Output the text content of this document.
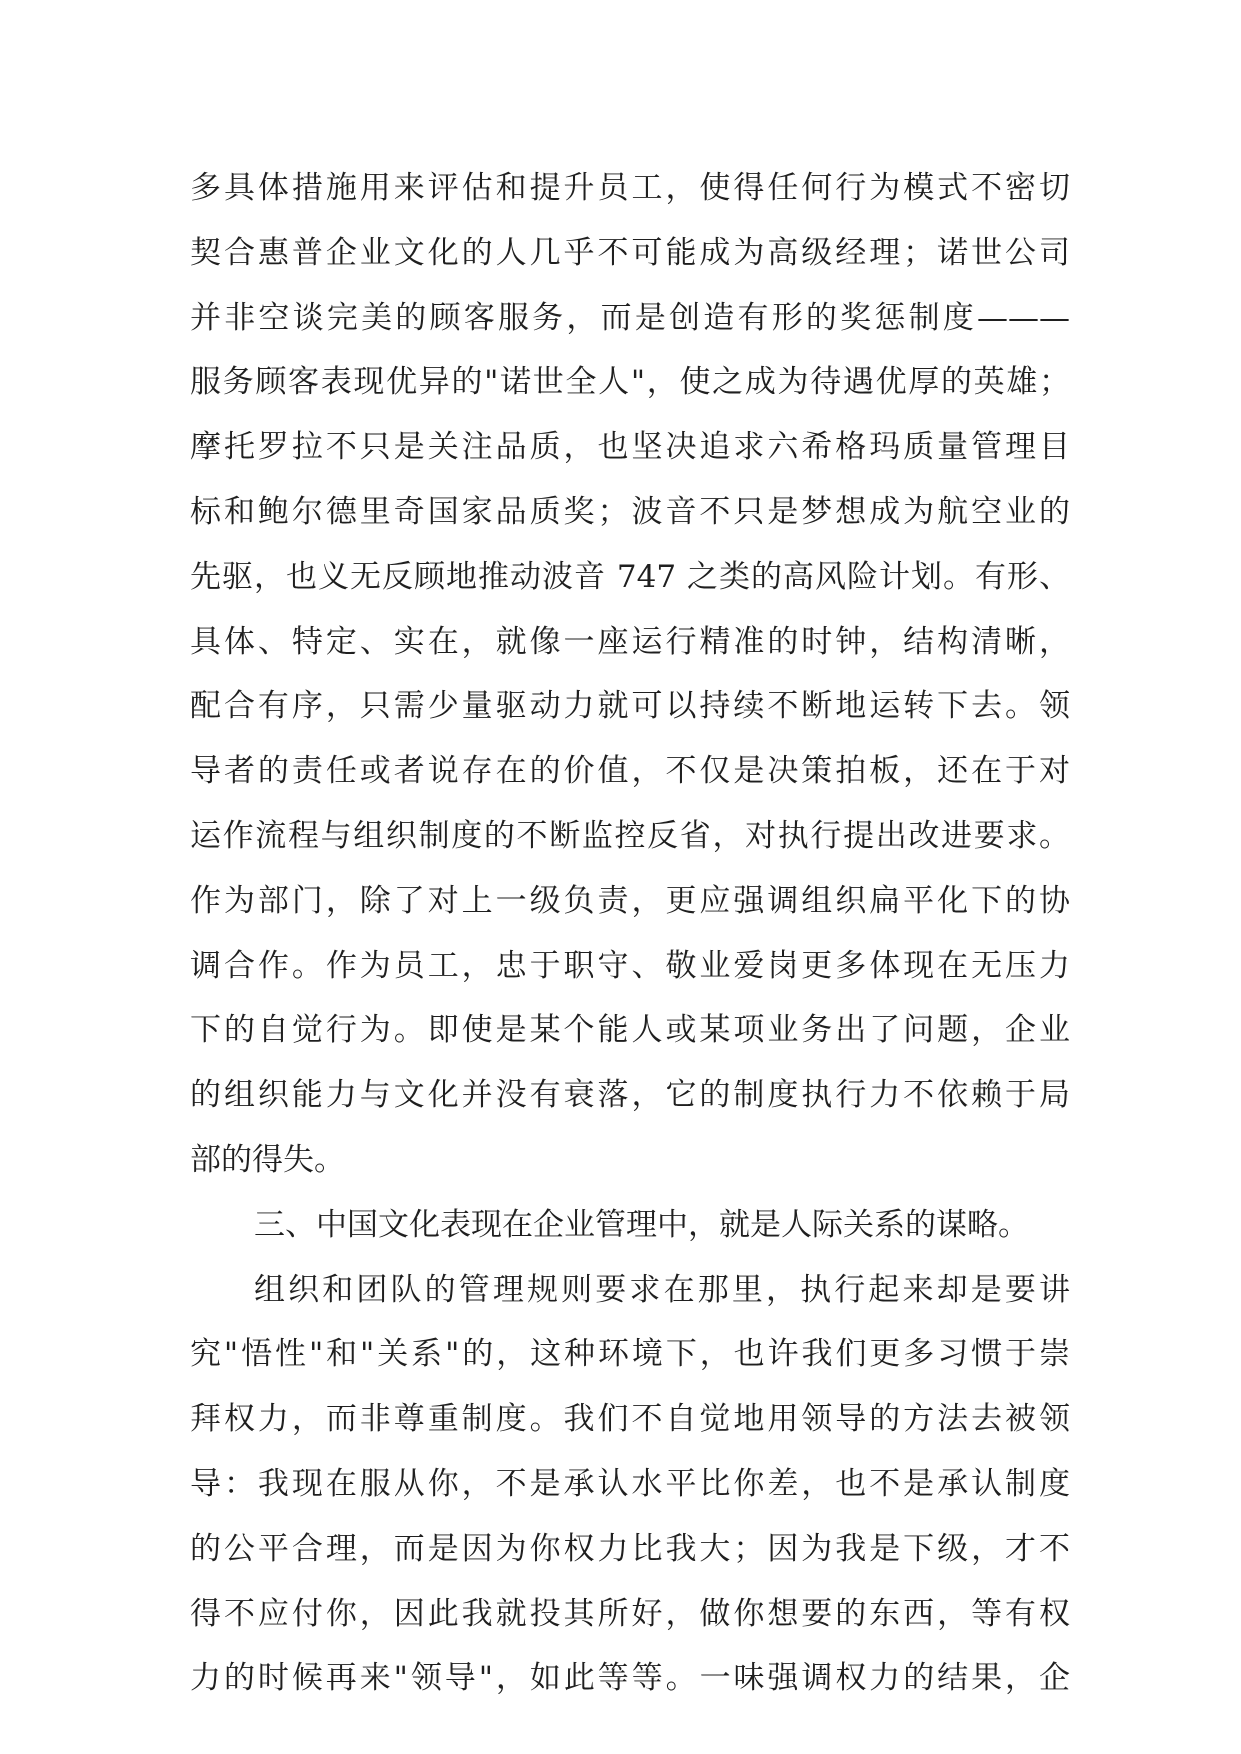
多具体措施用来评估和提升员工，使得任何行为模式不密切
契合惠普企业文化的人几乎不可能成为高级经理；诺世公司
并非空谈完美的顾客服务，而是创造有形的奖惩制度———
服务顾客表现优异的"诺世全人"，使之成为待遇优厚的英雄；
摩托罗拉不只是关注品质，也坚决追求六希格玛质量管理目
标和鲍尔德里奇国家品质奖；波音不只是梦想成为航空业的
先驱，也义无反顾地推动波音 747 之类的高风险计划。有形、
具体、特定、实在，就像一座运行精准的时钟，结构清晰，
配合有序，只需少量驱动力就可以持续不断地运转下去。领
导者的责任或者说存在的价值，不仅是决策拍板，还在于对
运作流程与组织制度的不断监控反省，对执行提出改进要求。
作为部门，除了对上一级负责，更应强调组织扁平化下的协
调合作。作为员工，忠于职守、敬业爱岗更多体现在无压力
下的自觉行为。即使是某个能人或某项业务出了问题，企业
的组织能力与文化并没有衰落，它的制度执行力不依赖于局
部的得失。
三、中国文化表现在企业管理中，就是人际关系的谋略。
组织和团队的管理规则要求在那里，执行起来却是要讲
究"悟性"和"关系"的，这种环境下，也许我们更多习惯于崇
拜权力，而非尊重制度。我们不自觉地用领导的方法去被领
导：我现在服从你，不是承认水平比你差，也不是承认制度
的公平合理，而是因为你权力比我大；因为我是下级，才不
得不应付你，因此我就投其所好，做你想要的东西，等有权
力的时候再来"领导"，如此等等。一味强调权力的结果，企
